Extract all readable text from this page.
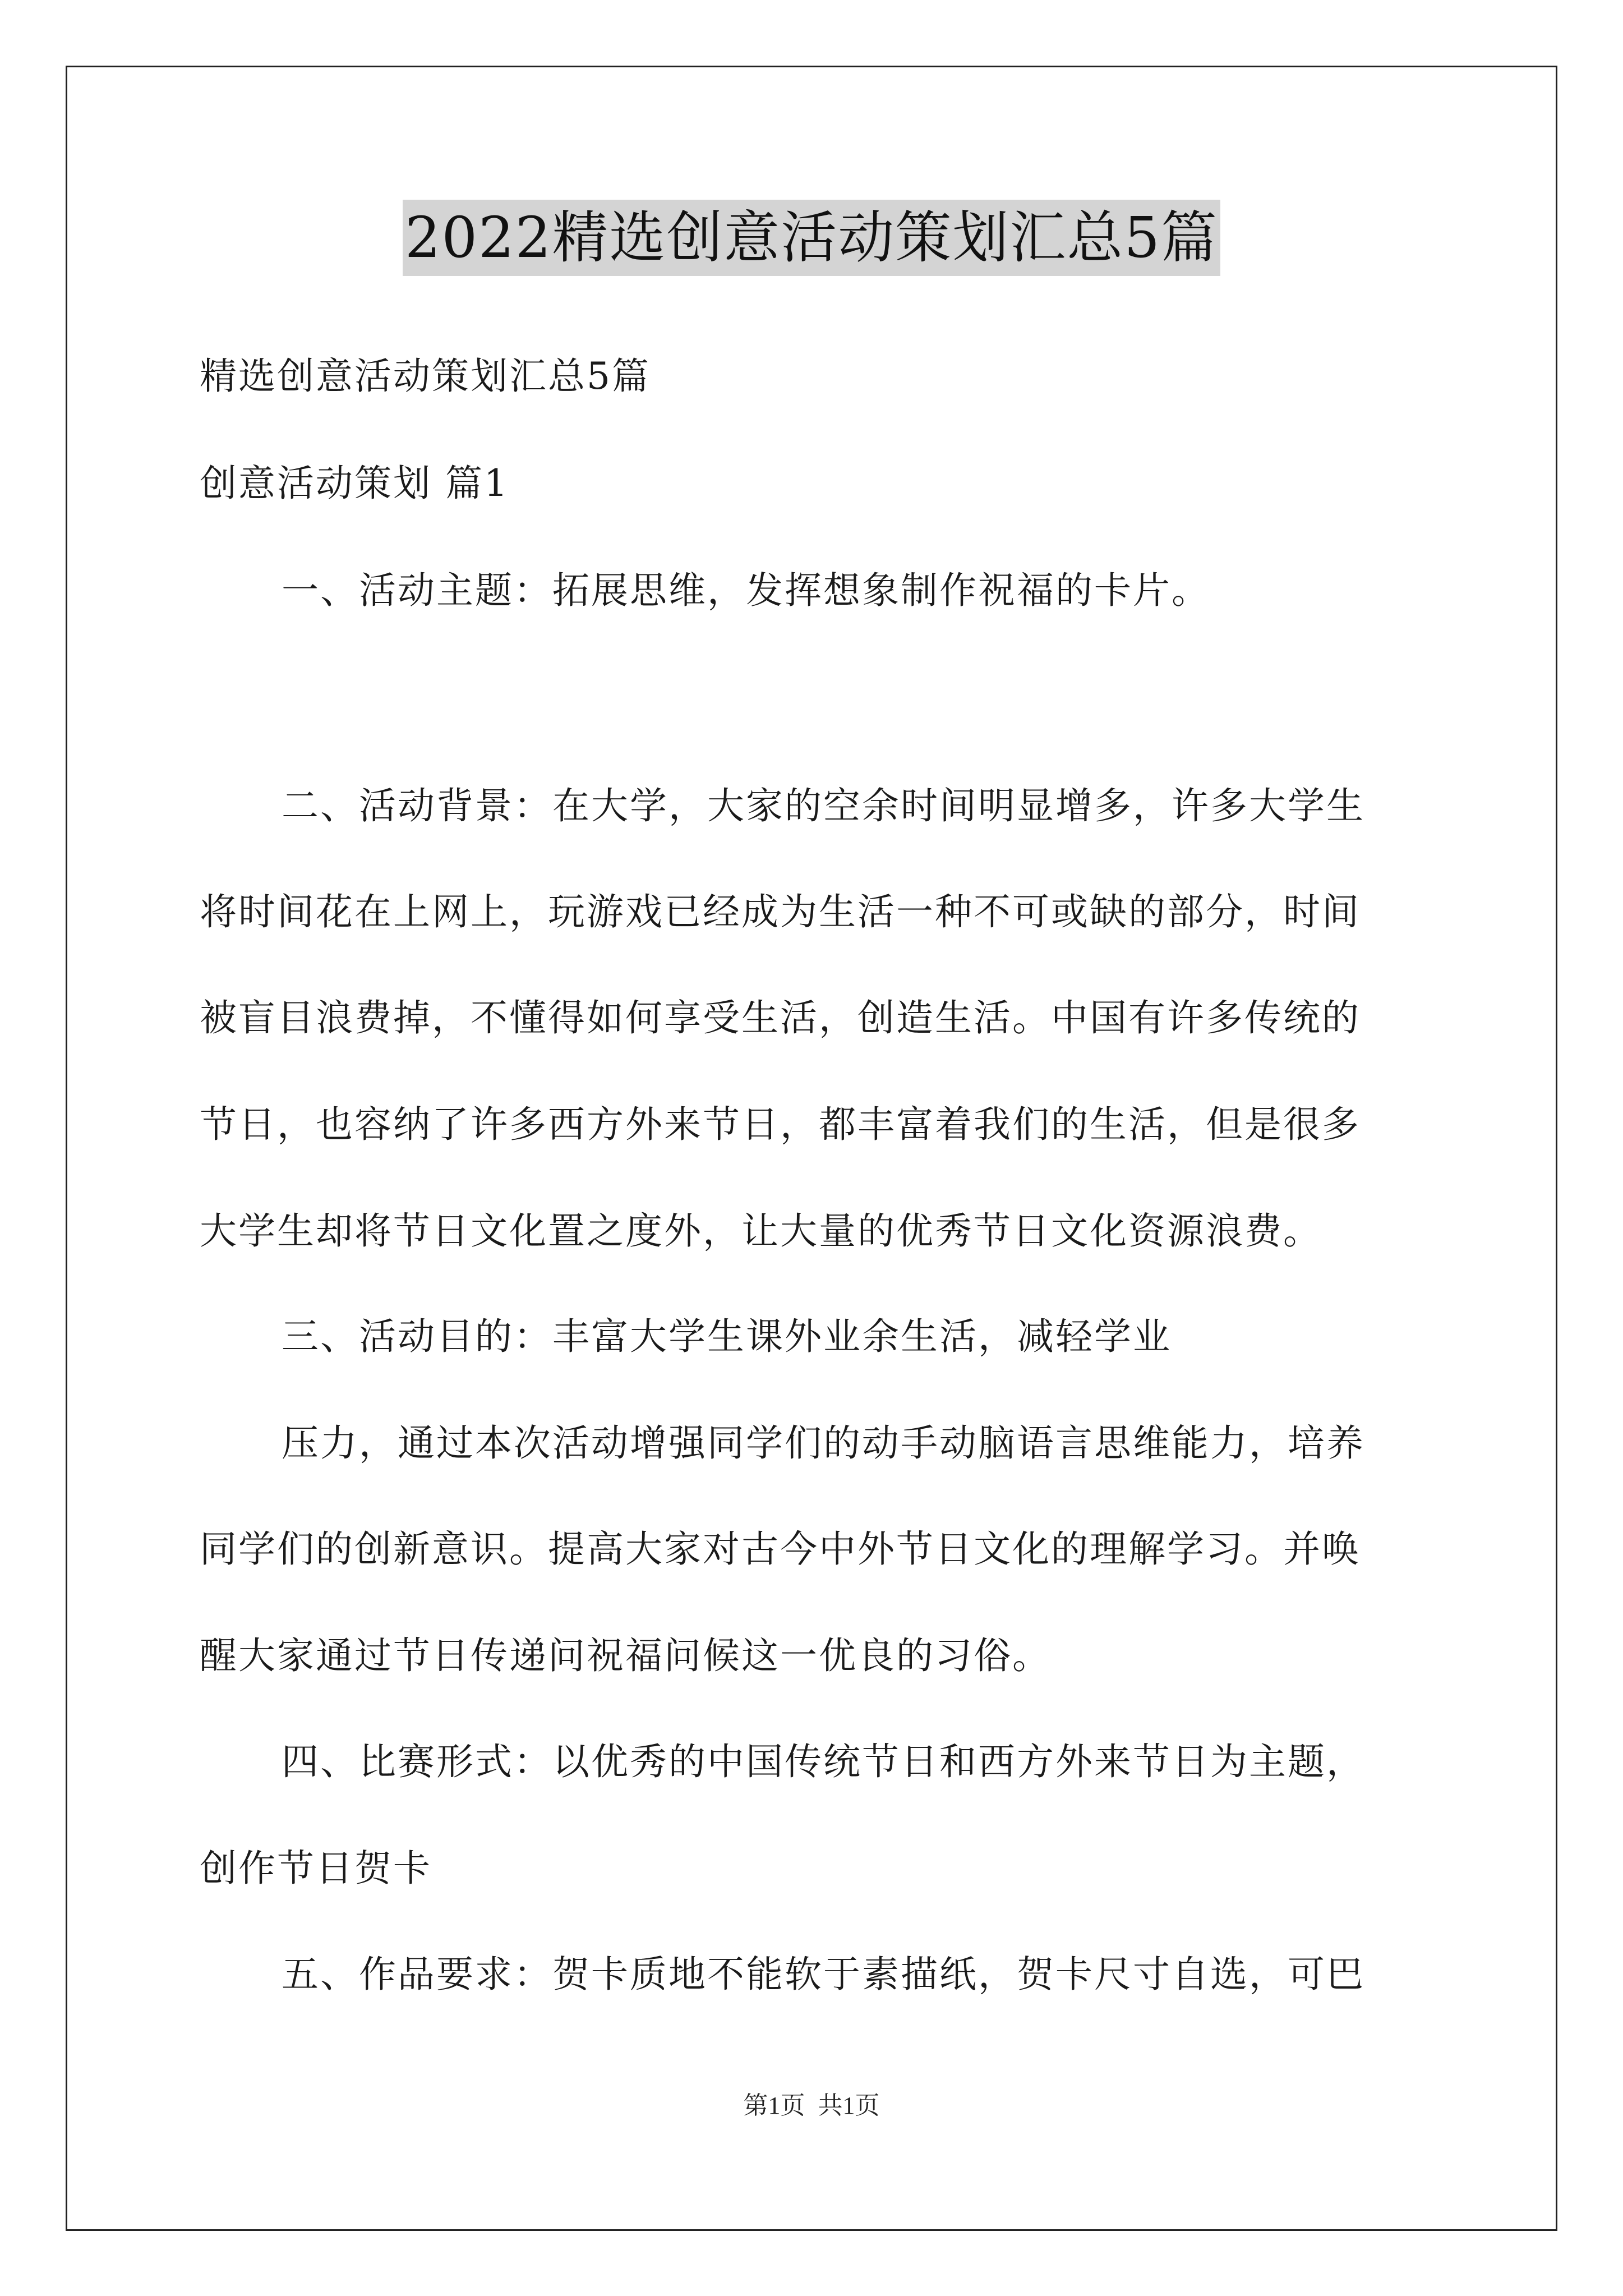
2022精选创意活动策划汇总5篇
精选创意活动策划汇总5篇
创意活动策划 篇1
一、活动主题：拓展思维，发挥想象制作祝福的卡片。
二、活动背景：在大学，大家的空余时间明显增多，许多大学生
将时间花在上网上，玩游戏已经成为生活一种不可或缺的部分，时间
被盲目浪费掉，不懂得如何享受生活，创造生活。中国有许多传统的
节日，也容纳了许多西方外来节日，都丰富着我们的生活，但是很多
大学生却将节日文化置之度外，让大量的优秀节日文化资源浪费。
三、活动目的：丰富大学生课外业余生活，减轻学业
压力，通过本次活动增强同学们的动手动脑语言思维能力，培养
同学们的创新意识。提高大家对古今中外节日文化的理解学习。并唤
醒大家通过节日传递问祝福问候这一优良的习俗。
四、比赛形式：以优秀的中国传统节日和西方外来节日为主题，
创作节日贺卡
五、作品要求：贺卡质地不能软于素描纸，贺卡尺寸自选，可巴
第1页 共1页
